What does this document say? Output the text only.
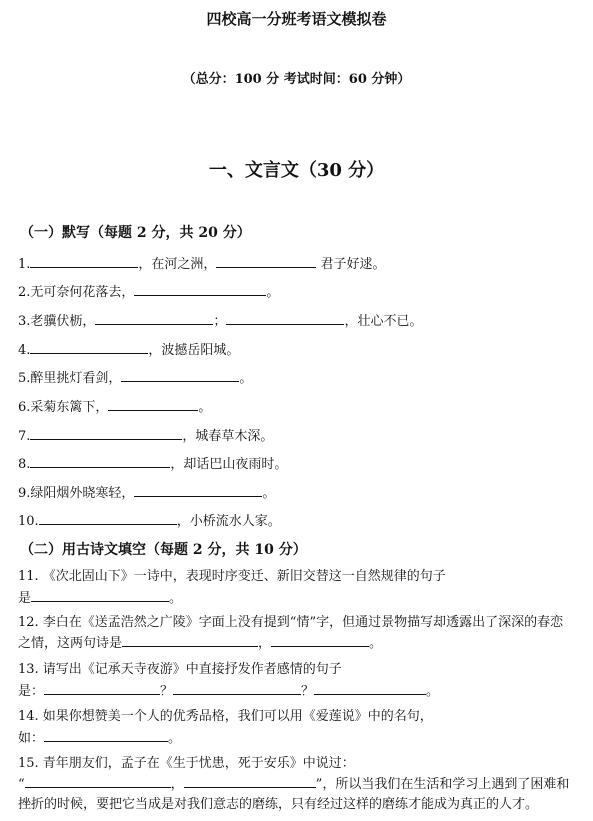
四校高一分班考语文模拟卷
（总分：100 分 考试时间：60 分钟）
一、文言文（30 分）
（一）默写（每题 2 分，共 20 分）
1.	，在河之洲，	君子好逑。
2.无可奈何花落去，	。
3.老骥伏枥，	；	，壮心不已。
4.	，波撼岳阳城。
5.醉里挑灯看剑，	。
6.采菊东篱下，	。
7.	，城春草木深。
8.	，却话巴山夜雨时。
9.绿阳烟外晓寒轻，	。
10.	，小桥流水人家。
（二）用古诗文填空（每题 2 分，共 10 分）
11. 《次北固山下》一诗中，表现时序变迁、新旧交替这一自然规律的句子
是	。
12. 李白在《送孟浩然之广陵》字面上没有提到“情”字，但通过景物描写却透露出了深深的春恋之情，这两句诗是	，	。
13. 请写出《记承天寺夜游》中直接抒发作者感情的句子
是：	？	？	。
14. 如果你想赞美一个人的优秀品格，我们可以用《爱莲说》中的名句，
如：	。
15. 青年朋友们，孟子在《生于忧患，死于安乐》中说过：
“	，	”，所以当我们在生活和学习上遇到了困难和挫折的时候，要把它当成是对我们意志的磨练，只有经过这样的磨练才能成为真正的人才。
